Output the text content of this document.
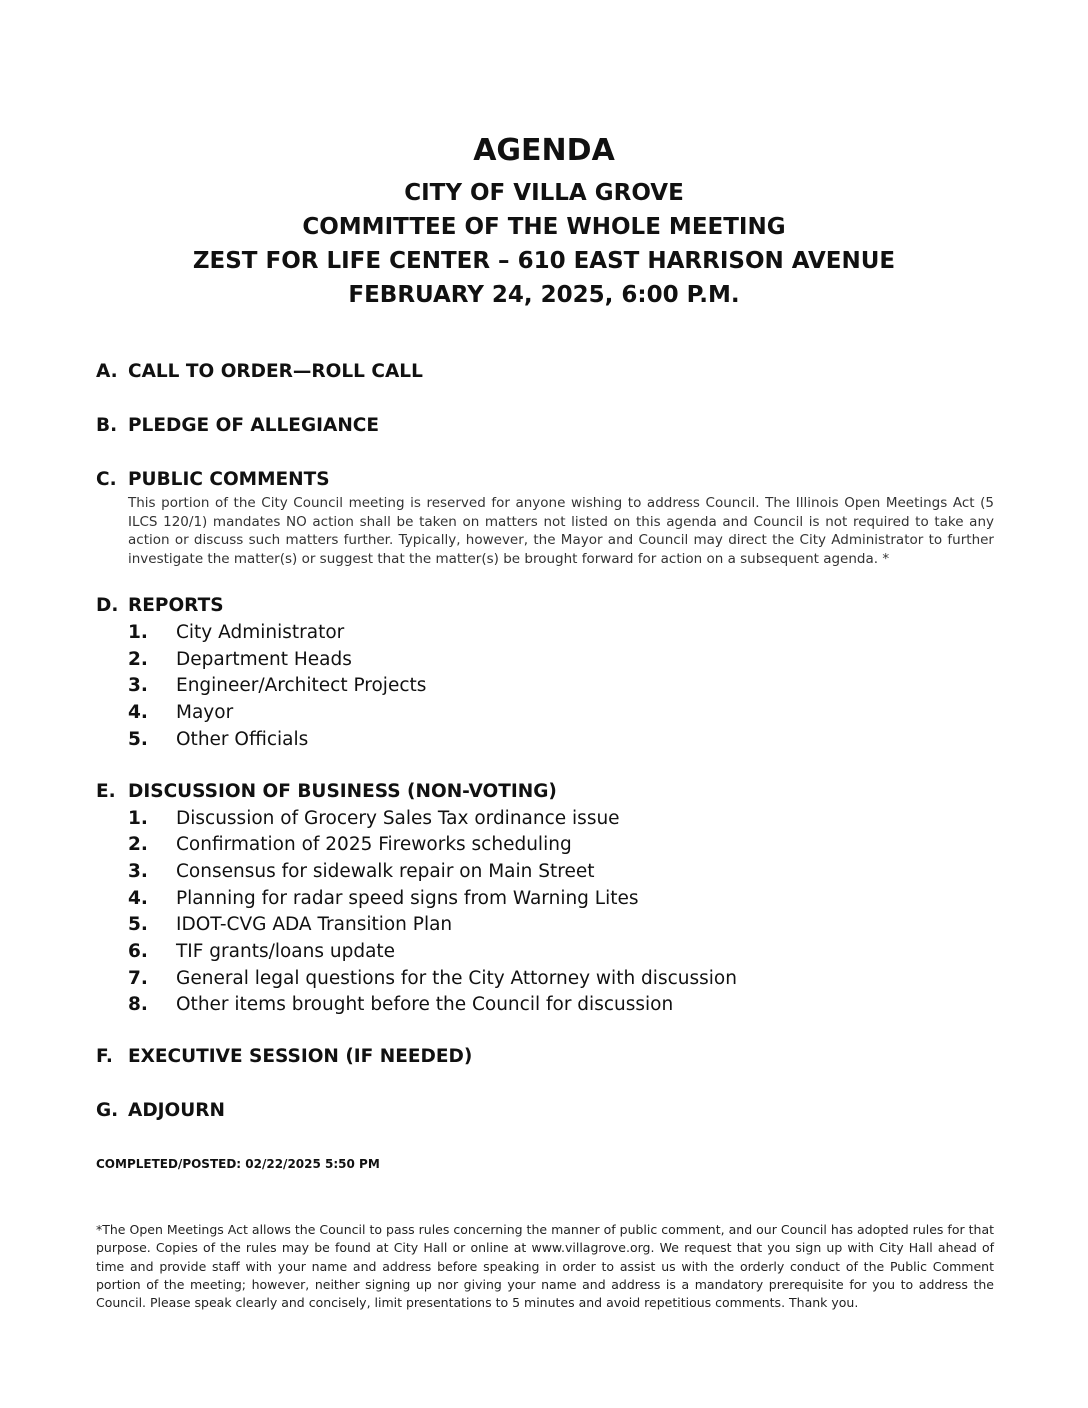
AGENDA
CITY OF VILLA GROVE
COMMITTEE OF THE WHOLE MEETING
ZEST FOR LIFE CENTER – 610 EAST HARRISON AVENUE
FEBRUARY 24, 2025, 6:00 P.M.
A. CALL TO ORDER—ROLL CALL
B. PLEDGE OF ALLEGIANCE
C. PUBLIC COMMENTS
This portion of the City Council meeting is reserved for anyone wishing to address Council. The Illinois Open Meetings Act (5 ILCS 120/1) mandates NO action shall be taken on matters not listed on this agenda and Council is not required to take any action or discuss such matters further. Typically, however, the Mayor and Council may direct the City Administrator to further investigate the matter(s) or suggest that the matter(s) be brought forward for action on a subsequent agenda. *
D. REPORTS
1.	City Administrator
2.	Department Heads
3.	Engineer/Architect Projects
4.	Mayor
5.	Other Officials
E. DISCUSSION OF BUSINESS (NON-VOTING)
1.	Discussion of Grocery Sales Tax ordinance issue
2.	Confirmation of 2025 Fireworks scheduling
3.	Consensus for sidewalk repair on Main Street
4.	Planning for radar speed signs from Warning Lites
5.	IDOT-CVG ADA Transition Plan
6.	TIF grants/loans update
7.	General legal questions for the City Attorney with discussion
8.	Other items brought before the Council for discussion
F. EXECUTIVE SESSION (IF NEEDED)
G. ADJOURN
COMPLETED/POSTED: 02/22/2025 5:50 PM
*The Open Meetings Act allows the Council to pass rules concerning the manner of public comment, and our Council has adopted rules for that purpose. Copies of the rules may be found at City Hall or online at www.villagrove.org. We request that you sign up with City Hall ahead of time and provide staff with your name and address before speaking in order to assist us with the orderly conduct of the Public Comment portion of the meeting; however, neither signing up nor giving your name and address is a mandatory prerequisite for you to address the Council. Please speak clearly and concisely, limit presentations to 5 minutes and avoid repetitious comments. Thank you.
